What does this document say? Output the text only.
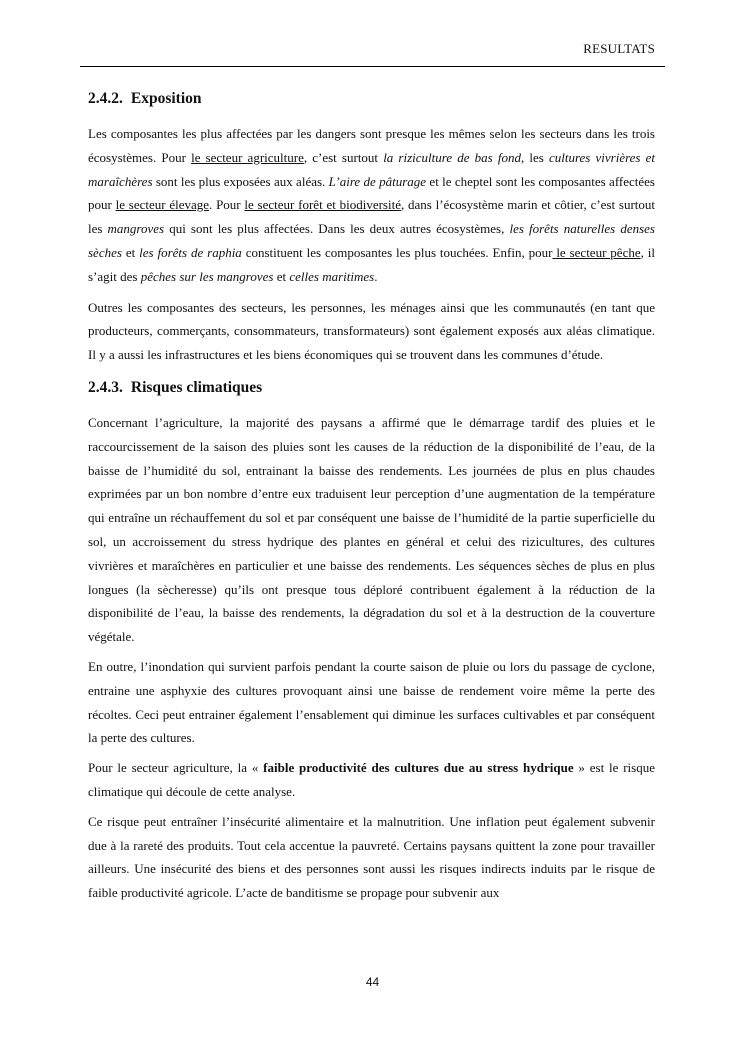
RESULTATS
2.4.2. Exposition

Les composantes les plus affectées par les dangers sont presque les mêmes selon les secteurs dans les trois écosystèmes. Pour le secteur agriculture, c’est surtout la riziculture de bas fond, les cultures vivrières et maraîchères sont les plus exposées aux aléas. L’aire de pâturage et le cheptel sont les composantes affectées pour le secteur élevage. Pour le secteur forêt et biodiversité, dans l’écosystème marin et côtier, c’est surtout les mangroves qui sont les plus affectées. Dans les deux autres écosystèmes, les forêts naturelles denses sèches et les forêts de raphia constituent les composantes les plus touchées. Enfin, pour le secteur pêche, il s’agit des pêches sur les mangroves et celles maritimes.

Outres les composantes des secteurs, les personnes, les ménages ainsi que les communautés (en tant que producteurs, commerçants, consommateurs, transformateurs) sont également exposés aux aléas climatique. Il y a aussi les infrastructures et les biens économiques qui se trouvent dans les communes d’étude.

2.4.3. Risques climatiques

Concernant l’agriculture, la majorité des paysans a affirmé que le démarrage tardif des pluies et le raccourcissement de la saison des pluies sont les causes de la réduction de la disponibilité de l’eau, de la baisse de l’humidité du sol, entrainant la baisse des rendements. Les journées de plus en plus chaudes exprimées par un bon nombre d’entre eux traduisent leur perception d’une augmentation de la température qui entraîne un réchauffement du sol et par conséquent une baisse de l’humidité de la partie superficielle du sol, un accroissement du stress hydrique des plantes en général et celui des rizicultures, des cultures vivrières et maraîchères en particulier et une baisse des rendements. Les séquences sèches de plus en plus longues (la sècheresse) qu’ils ont presque tous déploré contribuent également à la réduction de la disponibilité de l’eau, la baisse des rendements, la dégradation du sol et à la destruction de la couverture végétale.

En outre, l’inondation qui survient parfois pendant la courte saison de pluie ou lors du passage de cyclone, entraine une asphyxie des cultures provoquant ainsi une baisse de rendement voire même la perte des récoltes. Ceci peut entrainer également l’ensablement qui diminue les surfaces cultivables et par conséquent la perte des cultures.

Pour le secteur agriculture, la « faible productivité des cultures due au stress hydrique » est le risque climatique qui découle de cette analyse.

Ce risque peut entraîner l’insécurité alimentaire et la malnutrition. Une inflation peut également subvenir due à la rareté des produits. Tout cela accentue la pauvreté. Certains paysans quittent la zone pour travailler ailleurs. Une insécurité des biens et des personnes sont aussi les risques indirects induits par le risque de faible productivité agricole. L’acte de banditisme se propage pour subvenir aux

44
